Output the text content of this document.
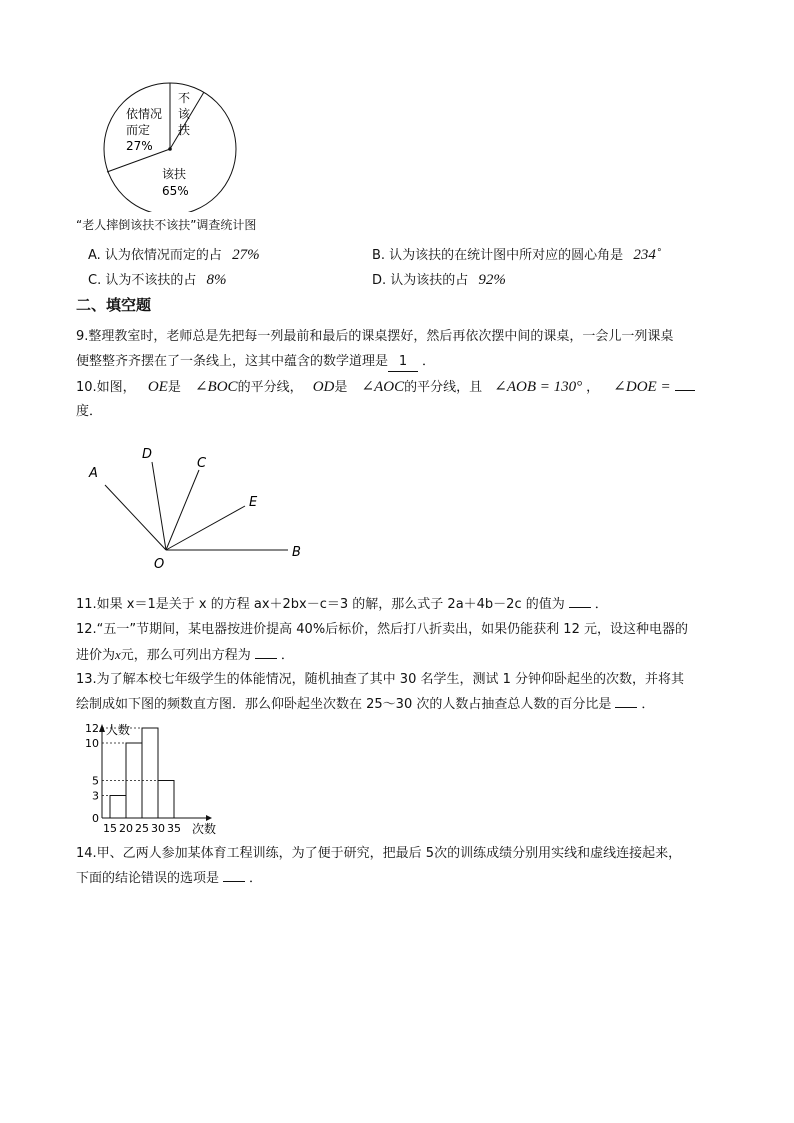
依情况
而定
27%
不
该
扶
该扶
65%
“老人摔倒该扶不该扶”调查统计图
A. 认为依情况而定的占 27%	B. 认为该扶的在统计图中所对应的圆心角是 234˚
C. 认为不该扶的占 8%	D. 认为该扶的占 92%
二、填空题
9.整理教室时，老师总是先把每一列最前和最后的课桌摆好，然后再依次摆中间的课桌，一会儿一列课桌
便整整齐齐摆在了一条线上，这其中蕴含的数学道理是 1 ．
10.如图， OE是 ∠BOC的平分线， OD是 ∠AOC的平分线，且 ∠AOB = 130° ， ∠DOE =
度．
A
D
C
E
B
O
11.如果 x＝1是关于 x 的方程 ax＋2bx－c＝3 的解，那么式子 2a＋4b－2c 的值为 ．
12.“五一”节期间，某电器按进价提高 40%后标价，然后打八折卖出，如果仍能获利 12 元，设这种电器的
进价为x元，那么可列出方程为 ．
13.为了解本校七年级学生的体能情况，随机抽查了其中 30 名学生，测试 1 分钟仰卧起坐的次数，并将其
绘制成如下图的频数直方图．那么仰卧起坐次数在 25～30 次的人数占抽查总人数的百分比是 ．
人数
次数
0
3
5
10
12
15 20 25 30 35
14.甲、乙两人参加某体育工程训练，为了便于研究，把最后 5次的训练成绩分别用实线和虚线连接起来，
下面的结论错误的选项是 ．
